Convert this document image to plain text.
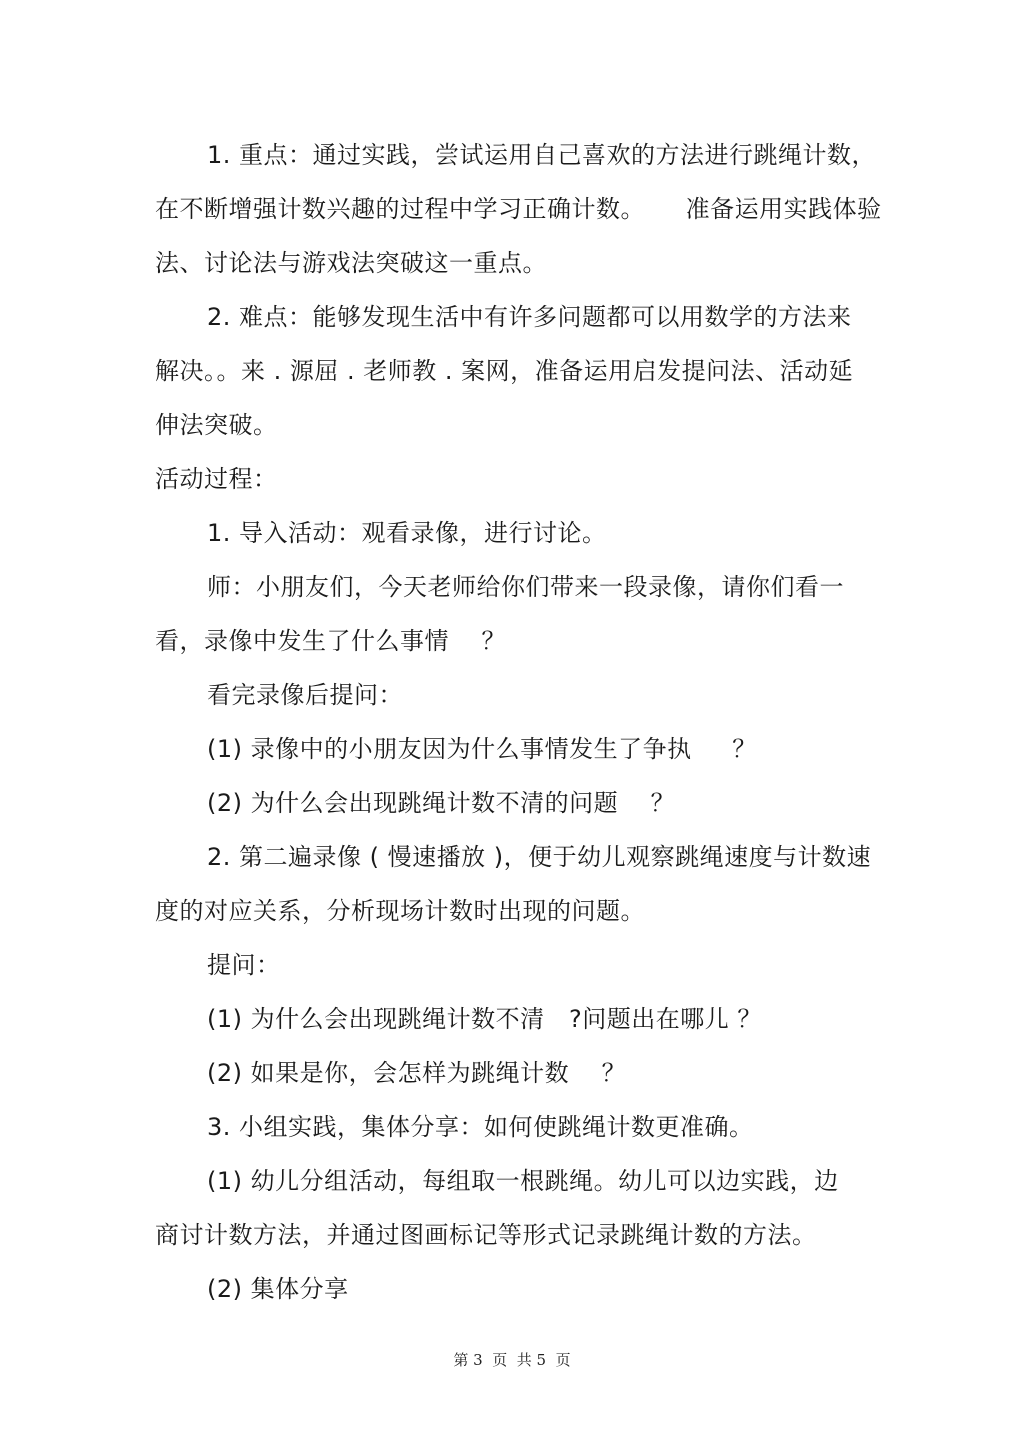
1. 重点：通过实践，尝试运用自己喜欢的方法进行跳绳计数，
在不断增强计数兴趣的过程中学习正确计数。     准备运用实践体验
法、讨论法与游戏法突破这一重点。
2. 难点：能够发现生活中有许多问题都可以用数学的方法来
解决。。来 . 源屈 . 老师教 . 案网，准备运用启发提问法、活动延
伸法突破。
活动过程：
1. 导入活动：观看录像，进行讨论。
师：小朋友们，今天老师给你们带来一段录像，请你们看一
看，录像中发生了什么事情    ？
看完录像后提问：
(1) 录像中的小朋友因为什么事情发生了争执     ？
(2) 为什么会出现跳绳计数不清的问题    ？
2. 第二遍录像 ( 慢速播放 )，便于幼儿观察跳绳速度与计数速
度的对应关系，分析现场计数时出现的问题。
提问：
(1) 为什么会出现跳绳计数不清   ?问题出在哪儿 ？
(2) 如果是你，会怎样为跳绳计数    ？
3. 小组实践，集体分享：如何使跳绳计数更准确。
(1) 幼儿分组活动，每组取一根跳绳。幼儿可以边实践，边
商讨计数方法，并通过图画标记等形式记录跳绳计数的方法。
(2) 集体分享
第 3  页  共 5  页
